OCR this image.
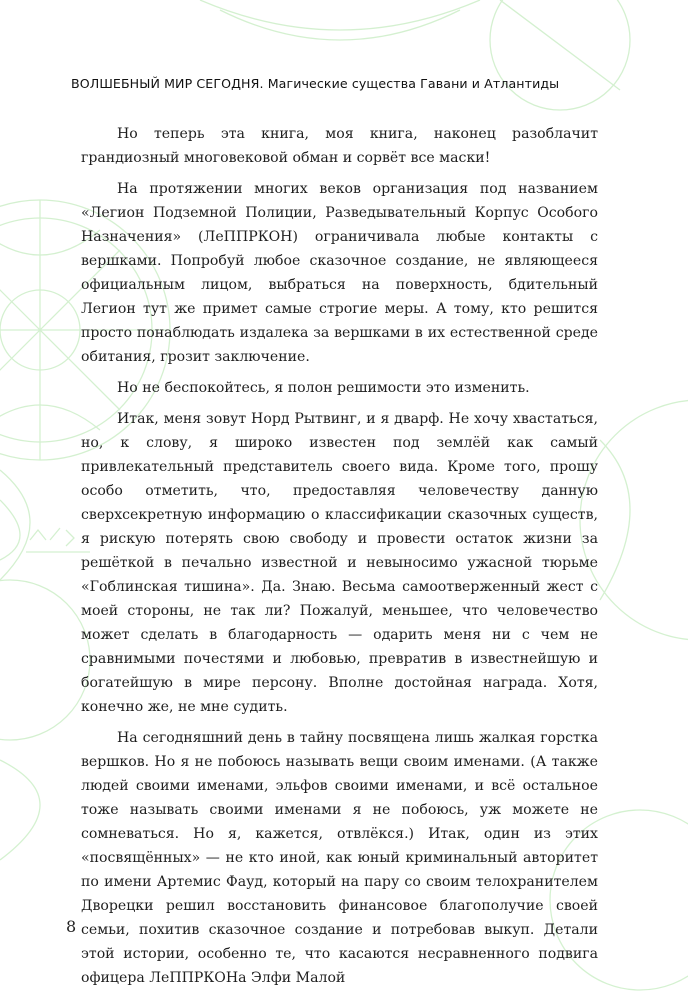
ВОЛШЕБНЫЙ МИР СЕГОДНЯ. Магические существа Гавани и Атлантиды

Но теперь эта книга, моя книга, наконец разоблачит грандиозный многовековой обман и сорвёт все маски!

На протяжении многих веков организация под названием «Легион Подземной Полиции, Разведывательный Корпус Особого Назначения» (ЛеППРКОН) ограничивала любые контакты с вершками. Попробуй любое сказочное создание, не являющееся официальным лицом, выбраться на поверхность, бдительный Легион тут же примет самые строгие меры. А тому, кто решится просто понаблюдать издалека за вершками в их естественной среде обитания, грозит заключение.

Но не беспокойтесь, я полон решимости это изменить.

Итак, меня зовут Норд Рытвинг, и я дварф. Не хочу хвастаться, но, к слову, я широко известен под землёй как самый привлекательный представитель своего вида. Кроме того, прошу особо отметить, что, предоставляя человечеству данную сверхсекретную информацию о классификации сказочных существ, я рискую потерять свою свободу и провести остаток жизни за решёткой в печально известной и невыносимо ужасной тюрьме «Гоблинская тишина». Да. Знаю. Весьма самоотверженный жест с моей стороны, не так ли? Пожалуй, меньшее, что человечество может сделать в благодарность — одарить меня ни с чем не сравнимыми почестями и любовью, превратив в известнейшую и богатейшую в мире персону. Вполне достойная награда. Хотя, конечно же, не мне судить.

На сегодняшний день в тайну посвящена лишь жалкая горстка вершков. Но я не побоюсь называть вещи своим именами. (А также людей своими именами, эльфов своими именами, и всё остальное тоже называть своими именами я не побоюсь, уж можете не сомневаться. Но я, кажется, отвлёкся.) Итак, один из этих «посвящённых» — не кто иной, как юный криминальный авторитет по имени Артемис Фауд, который на пару со своим телохранителем Дворецки решил восстановить финансовое благополучие своей семьи, похитив сказочное создание и потребовав выкуп. Детали этой истории, особенно те, что касаются несравненного подвига офицера ЛеППРКОНа Элфи Малой

8
